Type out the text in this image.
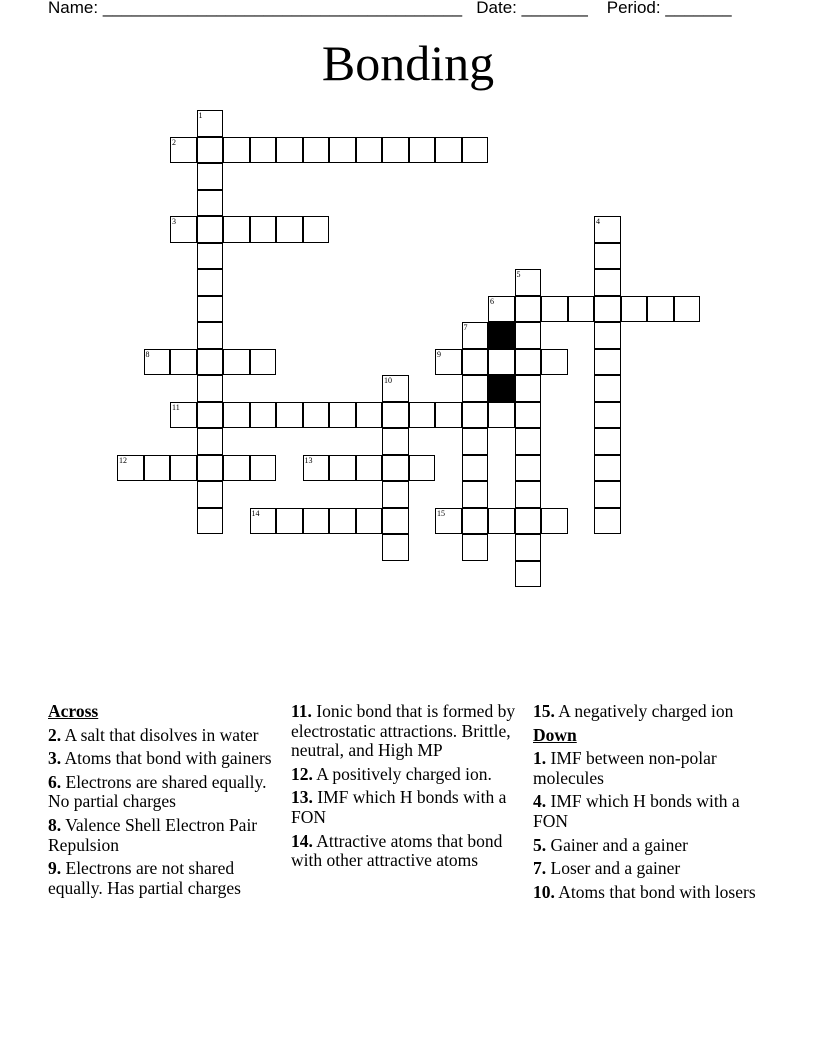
Name: ______________________________________ Date: _______ Period: _______
Bonding
2
3
6
8	9
11
12	13
14	15
1
4
5
7
10
Across
2. A salt that disolves in water
3. Atoms that bond with gainers
6. Electrons are shared equally. No partial charges
8. Valence Shell Electron Pair Repulsion
9. Electrons are not shared equally. Has partial charges
11. Ionic bond that is formed by electrostatic attractions. Brittle, neutral, and High MP
12. A positively charged ion.
13. IMF which H bonds with a FON
14. Attractive atoms that bond with other attractive atoms
15. A negatively charged ion
Down
1. IMF between non-polar molecules
4. IMF which H bonds with a FON
5. Gainer and a gainer
7. Loser and a gainer
10. Atoms that bond with losers
